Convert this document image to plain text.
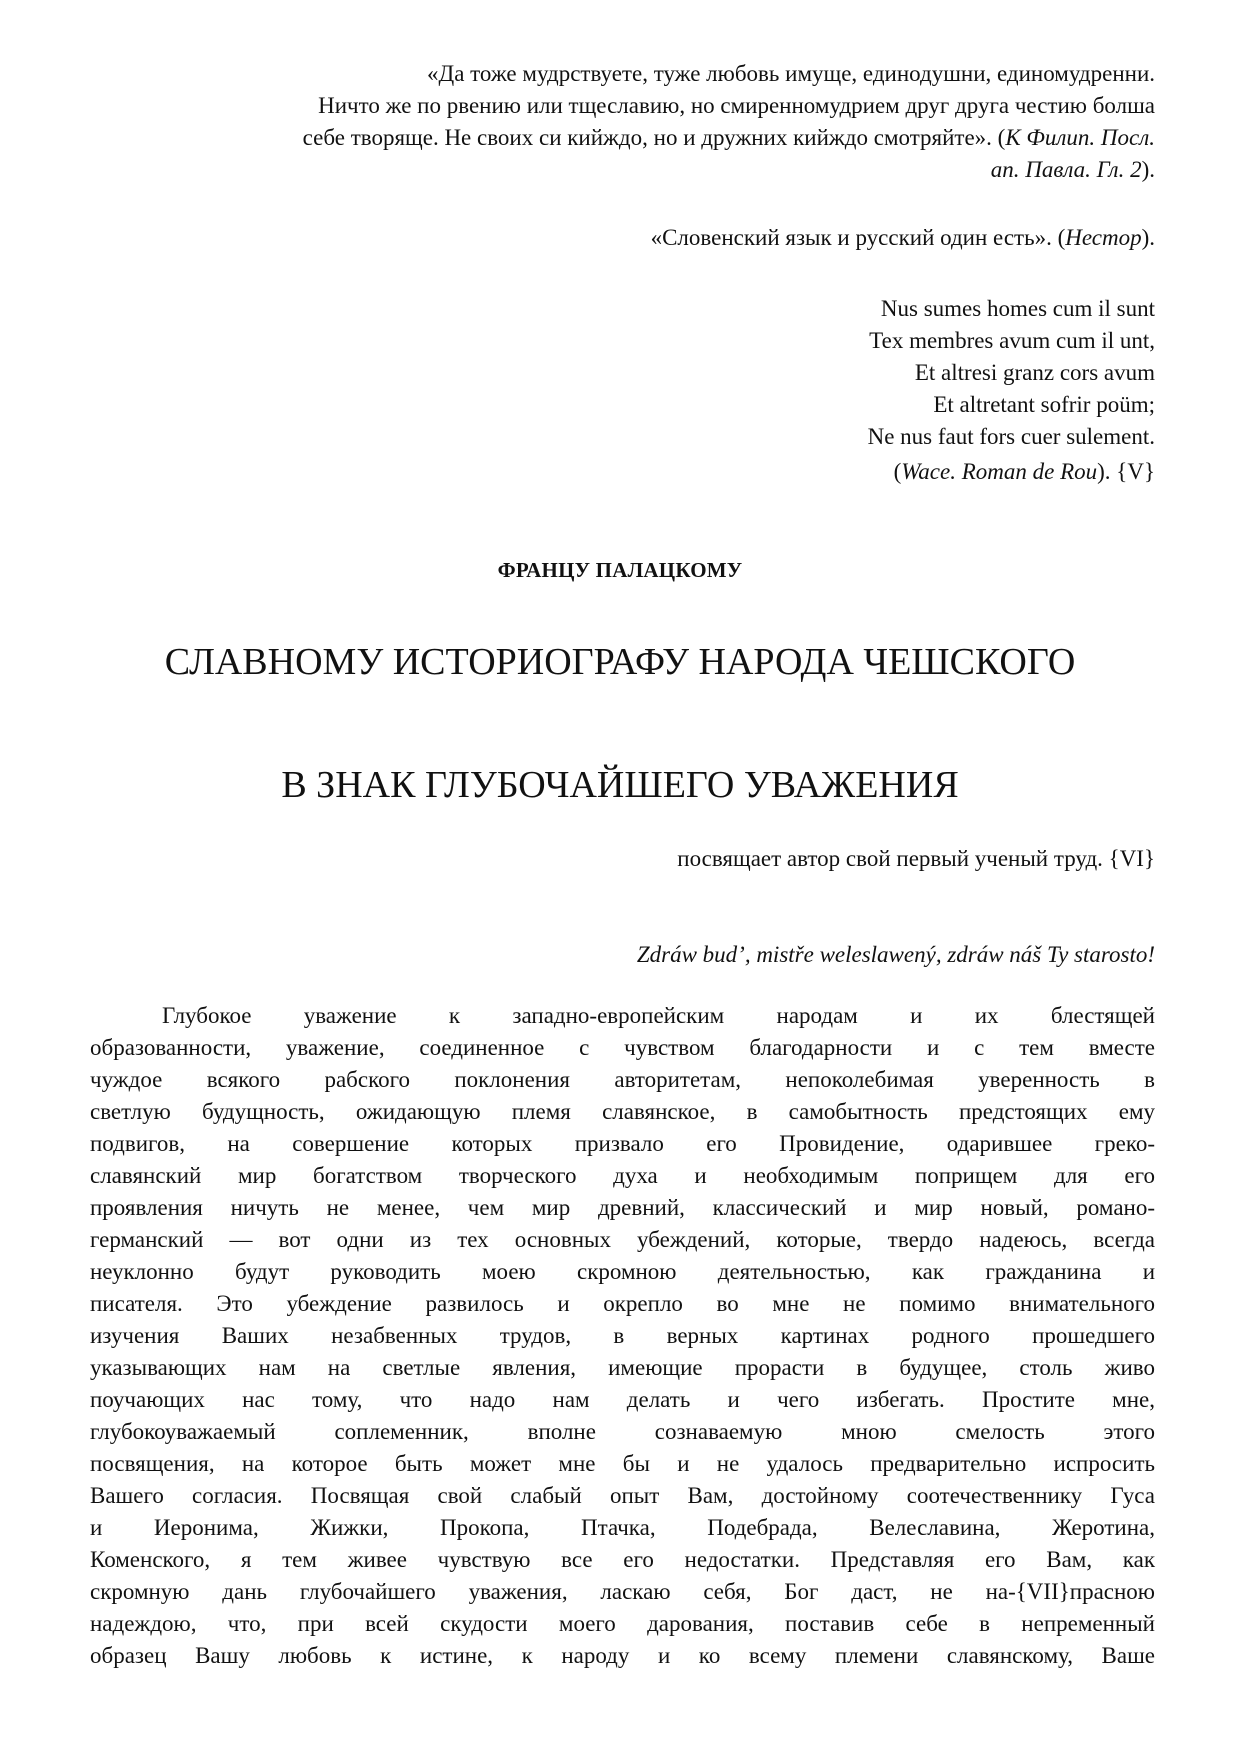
«Да тоже мудрствуете, туже любовь имуще, единодушни, единомудренни.
Ничто же по рвению или тщеславию, но смиренномудрием друг друга честию болша
себе творяще. Не своих си кийждо, но и дружних кийждо смотряйте». (К Филип. Посл.
ап. Павла. Гл. 2).
«Словенский язык и русский один есть». (Нестор).
Nus sumes homes cum il sunt
Tex membres avum cum il unt,
Et altresi granz cors avum
Et altretant sofrir poüm;
Ne nus faut fors cuer sulement.
(Wace. Roman de Rou). {V}
ФРАНЦУ ПАЛАЦКОМУ
СЛАВНОМУ ИСТОРИОГРАФУ НАРОДА ЧЕШСКОГО
В ЗНАК ГЛУБОЧАЙШЕГО УВАЖЕНИЯ
посвящает автор свой первый ученый труд. {VI}
Zdráw bud’, mistře weleslawený, zdráw náš Ty starosto!
Глубокое уважение к западно-европейским народам и их блестящей
образованности, уважение, соединенное с чувством благодарности и с тем вместе
чуждое всякого рабского поклонения авторитетам, непоколебимая уверенность в
светлую будущность, ожидающую племя славянское, в самобытность предстоящих ему
подвигов, на совершение которых призвало его Провидение, одарившее греко-
славянский мир богатством творческого духа и необходимым поприщем для его
проявления ничуть не менее, чем мир древний, классический и мир новый, романо-
германский — вот одни из тех основных убеждений, которые, твердо надеюсь, всегда
неуклонно будут руководить моею скромною деятельностью, как гражданина и
писателя. Это убеждение развилось и окрепло во мне не помимо внимательного
изучения Ваших незабвенных трудов, в верных картинах родного прошедшего
указывающих нам на светлые явления, имеющие прорасти в будущее, столь живо
поучающих нас тому, что надо нам делать и чего избегать. Простите мне,
глубокоуважаемый соплеменник, вполне сознаваемую мною смелость этого
посвящения, на которое быть может мне бы и не удалось предварительно испросить
Вашего согласия. Посвящая свой слабый опыт Вам, достойному соотечественнику Гуса
и Иеронима, Жижки, Прокопа, Птачка, Подебрада, Велеславина, Жеротина,
Коменского, я тем живее чувствую все его недостатки. Представляя его Вам, как
скромную дань глубочайшего уважения, ласкаю себя, Бог даст, не на-{VII}прасною
надеждою, что, при всей скудости моего дарования, поставив себе в непременный
образец Вашу любовь к истине, к народу и ко всему племени славянскому, Ваше
